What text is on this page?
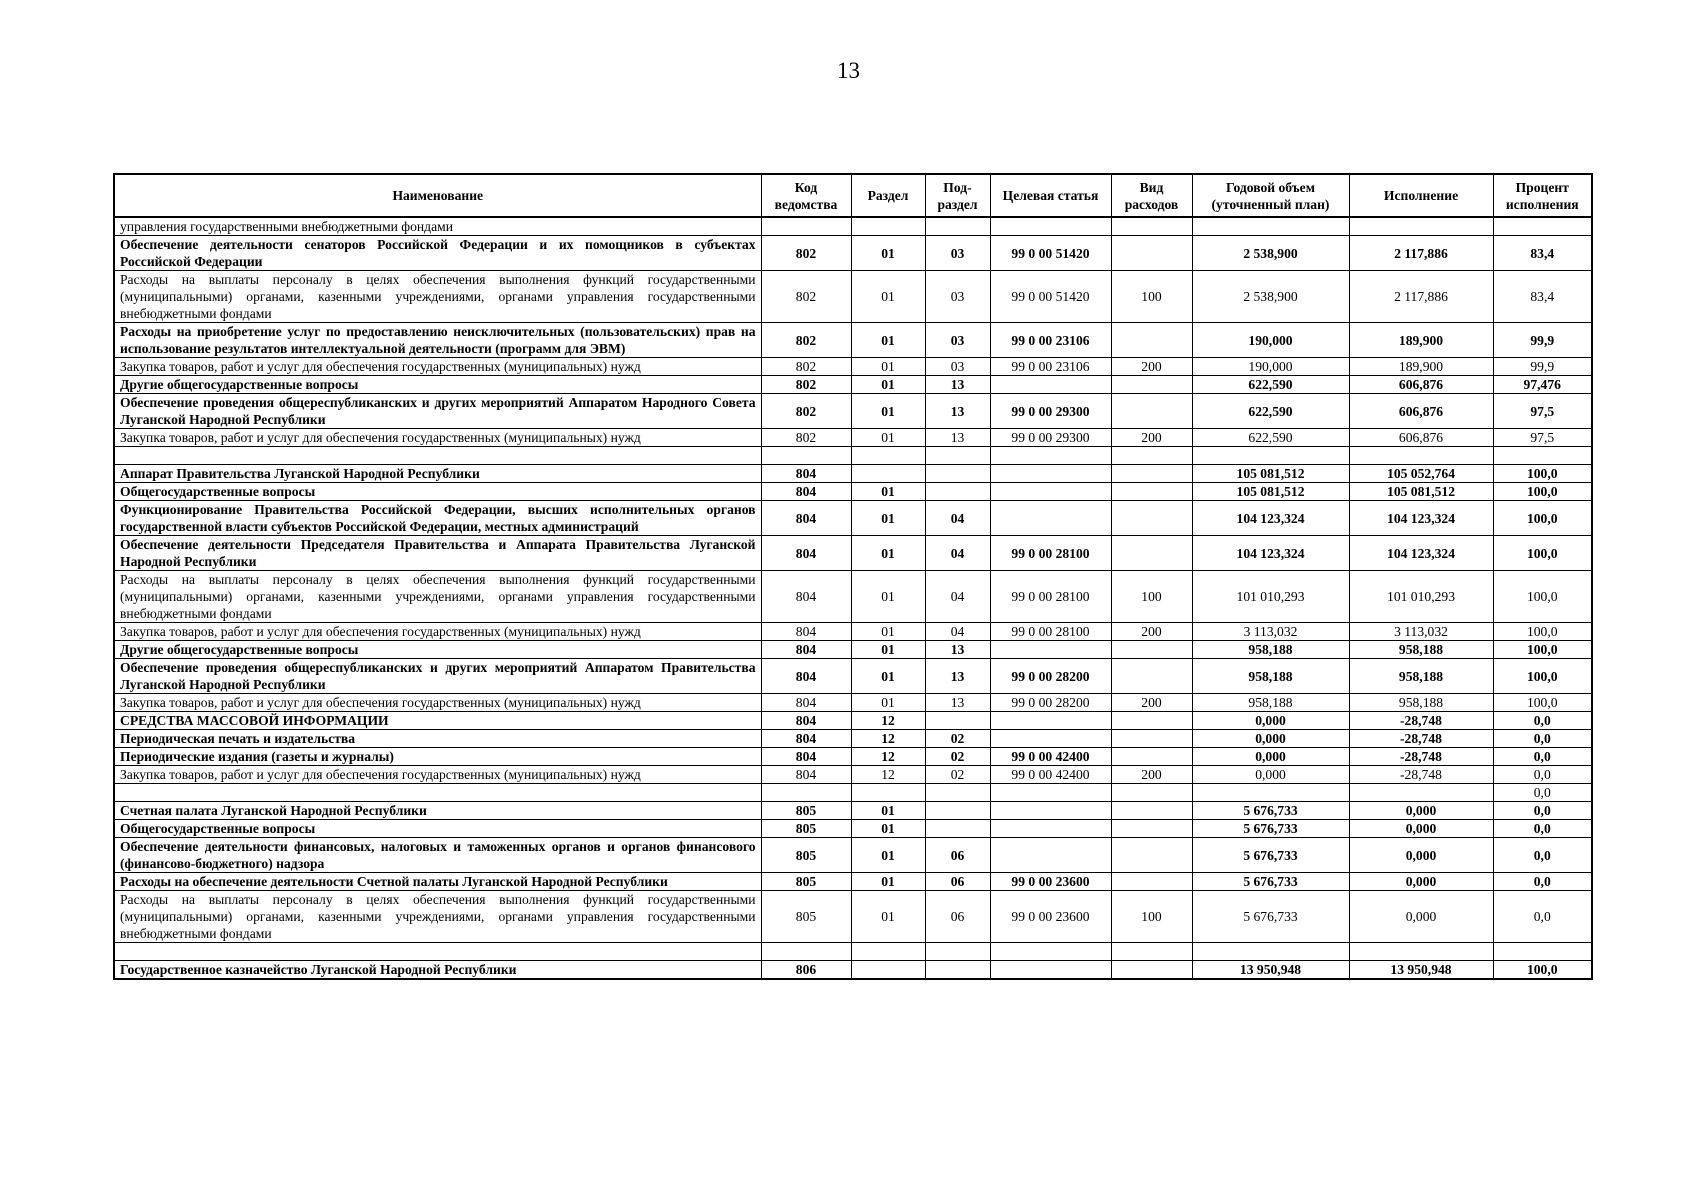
13
Наименование	Код ведомства	Раздел	Под-раздел	Целевая статья	Вид расходов	Годовой объем (уточненный план)	Исполнение	Процент исполнения
управления государственными внебюджетными фондами								
Обеспечение деятельности сенаторов Российской Федерации и их помощников в субъектах Российской Федерации	802	01	03	99 0 00 51420		2 538,900	2 117,886	83,4
Расходы на выплаты персоналу в целях обеспечения выполнения функций государственными (муниципальными) органами, казенными учреждениями, органами управления государственными внебюджетными фондами	802	01	03	99 0 00 51420	100	2 538,900	2 117,886	83,4
Расходы на приобретение услуг по предоставлению неисключительных (пользовательских) прав на использование результатов интеллектуальной деятельности (программ для ЭВМ)	802	01	03	99 0 00 23106		190,000	189,900	99,9
Закупка товаров, работ и услуг для обеспечения государственных (муниципальных) нужд	802	01	03	99 0 00 23106	200	190,000	189,900	99,9
Другие общегосударственные вопросы	802	01	13			622,590	606,876	97,476
Обеспечение проведения общереспубликанских и других мероприятий Аппаратом Народного Совета Луганской Народной Республики	802	01	13	99 0 00 29300		622,590	606,876	97,5
Закупка товаров, работ и услуг для обеспечения государственных (муниципальных) нужд	802	01	13	99 0 00 29300	200	622,590	606,876	97,5

Аппарат Правительства Луганской Народной Республики	804					105 081,512	105 052,764	100,0
Общегосударственные вопросы	804	01				105 081,512	105 081,512	100,0
Функционирование Правительства Российской Федерации, высших исполнительных органов государственной власти субъектов Российской Федерации, местных администраций	804	01	04			104 123,324	104 123,324	100,0
Обеспечение деятельности Председателя Правительства и Аппарата Правительства Луганской Народной Республики	804	01	04	99 0 00 28100		104 123,324	104 123,324	100,0
Расходы на выплаты персоналу в целях обеспечения выполнения функций государственными (муниципальными) органами, казенными учреждениями, органами управления государственными внебюджетными фондами	804	01	04	99 0 00 28100	100	101 010,293	101 010,293	100,0
Закупка товаров, работ и услуг для обеспечения государственных (муниципальных) нужд	804	01	04	99 0 00 28100	200	3 113,032	3 113,032	100,0
Другие общегосударственные вопросы	804	01	13			958,188	958,188	100,0
Обеспечение проведения общереспубликанских и других мероприятий Аппаратом Правительства Луганской Народной Республики	804	01	13	99 0 00 28200		958,188	958,188	100,0
Закупка товаров, работ и услуг для обеспечения государственных (муниципальных) нужд	804	01	13	99 0 00 28200	200	958,188	958,188	100,0
СРЕДСТВА МАССОВОЙ ИНФОРМАЦИИ	804	12				0,000	-28,748	0,0
Периодическая печать и издательства	804	12	02			0,000	-28,748	0,0
Периодические издания (газеты и журналы)	804	12	02	99 0 00 42400		0,000	-28,748	0,0
Закупка товаров, работ и услуг для обеспечения государственных (муниципальных) нужд	804	12	02	99 0 00 42400	200	0,000	-28,748	0,0
								0,0
Счетная палата Луганской Народной Республики	805	01				5 676,733	0,000	0,0
Общегосударственные вопросы	805	01				5 676,733	0,000	0,0
Обеспечение деятельности финансовых, налоговых и таможенных органов и органов финансового (финансово-бюджетного) надзора	805	01	06			5 676,733	0,000	0,0
Расходы на обеспечение деятельности Счетной палаты Луганской Народной Республики	805	01	06	99 0 00 23600		5 676,733	0,000	0,0
Расходы на выплаты персоналу в целях обеспечения выполнения функций государственными (муниципальными) органами, казенными учреждениями, органами управления государственными внебюджетными фондами	805	01	06	99 0 00 23600	100	5 676,733	0,000	0,0

Государственное казначейство Луганской Народной Республики	806					13 950,948	13 950,948	100,0
